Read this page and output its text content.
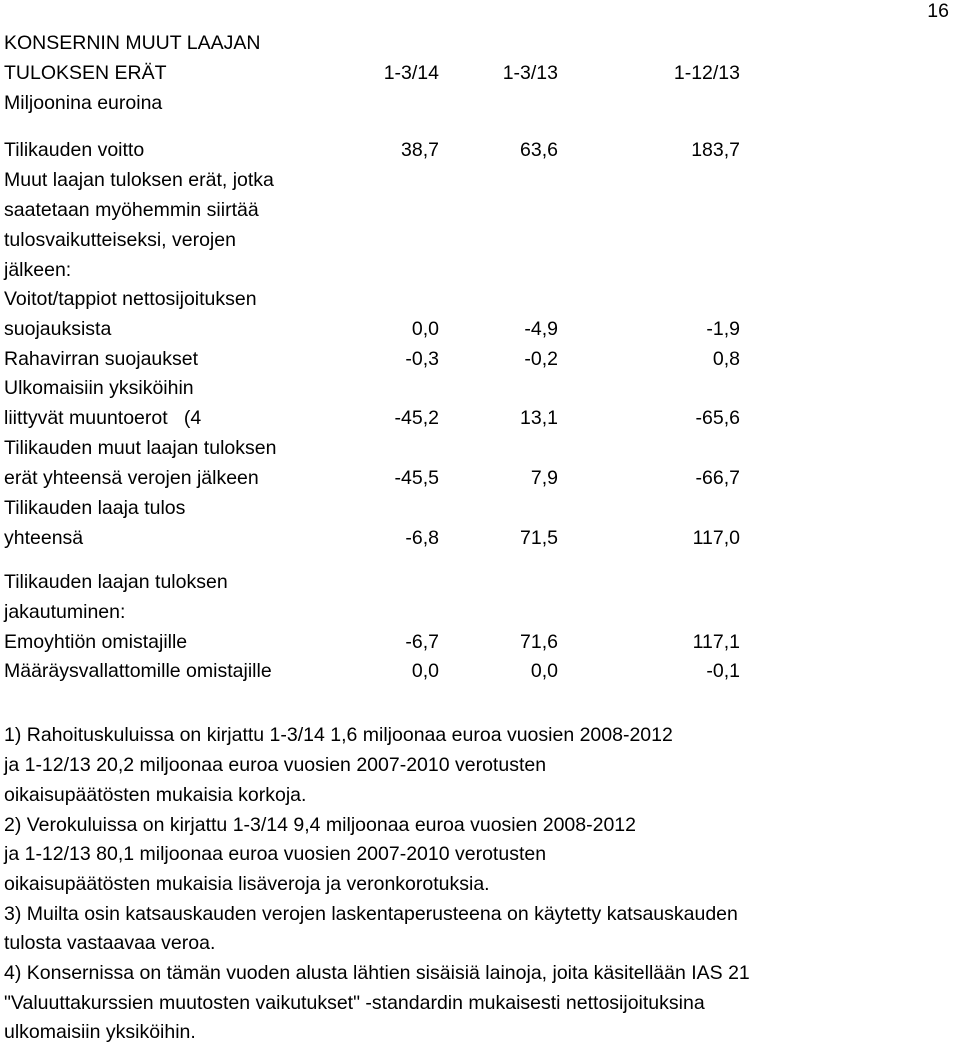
16
KONSERNIN MUUT LAAJAN
TULOKSEN ERÄT	1-3/14	1-3/13	1-12/13
Miljoonina euroina
Tilikauden voitto	38,7	63,6	183,7
Muut laajan tuloksen erät, jotka
saatetaan myöhemmin siirtää
tulosvaikutteiseksi, verojen
jälkeen:
Voitot/tappiot nettosijoituksen
suojauksista	0,0	-4,9	-1,9
Rahavirran suojaukset	-0,3	-0,2	0,8
Ulkomaisiin yksiköihin
liittyvät muuntoerot   (4	-45,2	13,1	-65,6
Tilikauden muut laajan tuloksen
erät yhteensä verojen jälkeen	-45,5	7,9	-66,7
Tilikauden laaja tulos
yhteensä	-6,8	71,5	117,0
Tilikauden laajan tuloksen
jakautuminen:
Emoyhtiön omistajille	-6,7	71,6	117,1
Määräysvallattomille omistajille	0,0	0,0	-0,1
1) Rahoituskuluissa on kirjattu 1-3/14 1,6 miljoonaa euroa vuosien 2008-2012
ja 1-12/13 20,2 miljoonaa euroa vuosien 2007-2010 verotusten
oikaisupäätösten mukaisia korkoja.
2) Verokuluissa on kirjattu 1-3/14 9,4 miljoonaa euroa vuosien 2008-2012
ja 1-12/13 80,1 miljoonaa euroa vuosien 2007-2010 verotusten
oikaisupäätösten mukaisia lisäveroja ja veronkorotuksia.
3) Muilta osin katsauskauden verojen laskentaperusteena on käytetty katsauskauden
tulosta vastaavaa veroa.
4) Konsernissa on tämän vuoden alusta lähtien sisäisiä lainoja, joita käsitellään IAS 21
"Valuuttakurssien muutosten vaikutukset" -standardin mukaisesti nettosijoituksina
ulkomaisiin yksiköihin.
